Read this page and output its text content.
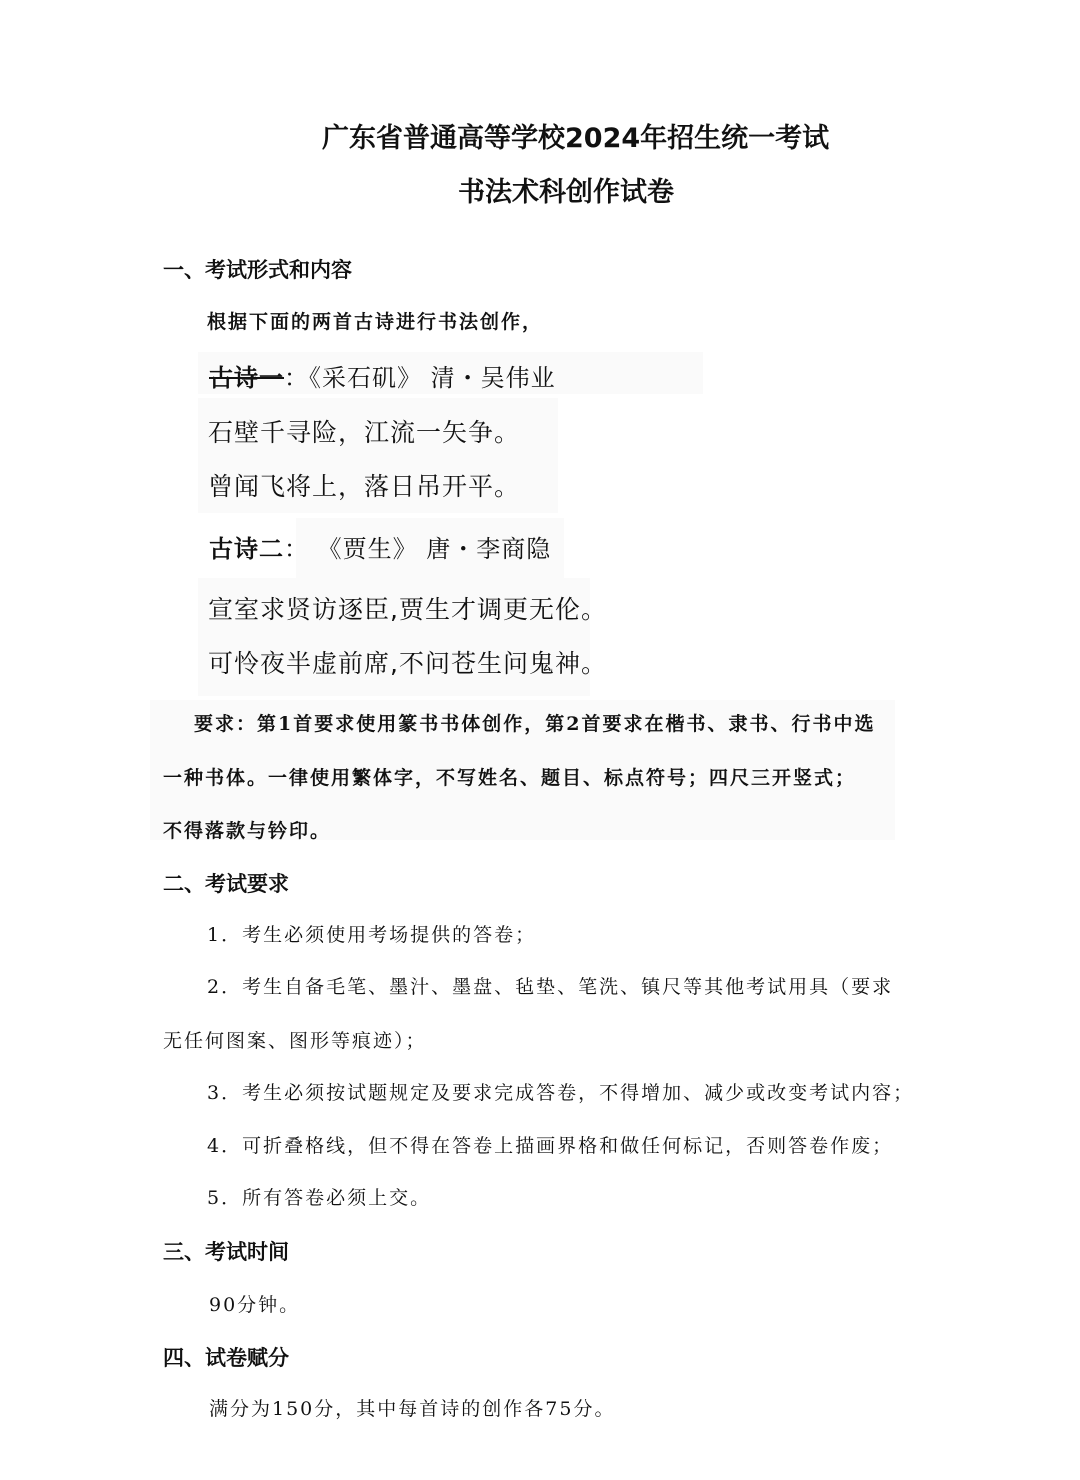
广东省普通高等学校2024年招生统一考试
书法术科创作试卷
一、考试形式和内容
根据下面的两首古诗进行书法创作，
古诗一：《采石矶》 清・吴伟业
石壁千寻险，江流一矢争。
曾闻飞将上，落日吊开平。
古诗二： 《贾生》 唐・李商隐
宣室求贤访逐臣,贾生才调更无伦。
可怜夜半虚前席,不问苍生问鬼神。
要求：第1首要求使用篆书书体创作，第2首要求在楷书、隶书、行书中选
一种书体。一律使用繁体字，不写姓名、题目、标点符号；四尺三开竖式；
不得落款与钤印。
二、考试要求
1．考生必须使用考场提供的答卷；
2．考生自备毛笔、墨汁、墨盘、毡垫、笔洗、镇尺等其他考试用具（要求
无任何图案、图形等痕迹）；
3．考生必须按试题规定及要求完成答卷，不得增加、减少或改变考试内容；
4．可折叠格线，但不得在答卷上描画界格和做任何标记，否则答卷作废；
5．所有答卷必须上交。
三、考试时间
90分钟。
四、试卷赋分
满分为150分，其中每首诗的创作各75分。
